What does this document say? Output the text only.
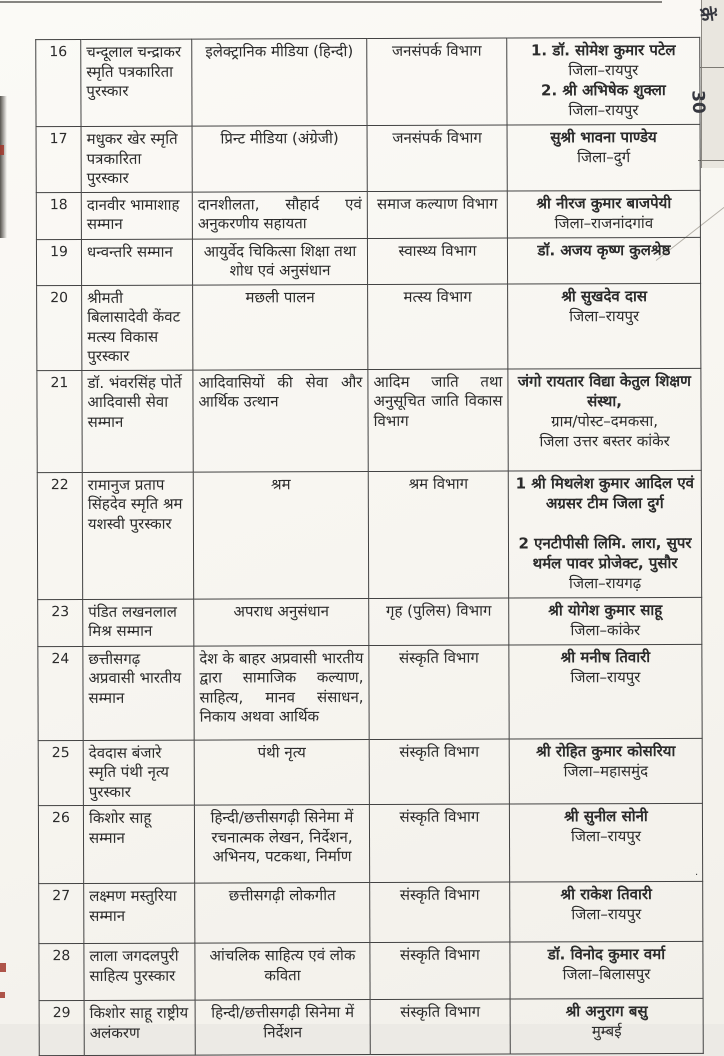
·
क्रें
30
16	चन्दूलाल चन्द्राकर स्मृति पत्रकारिता पुरस्कार	इलेक्ट्रानिक मीडिया (हिन्दी)	जनसंपर्क विभाग	1. डॉ. सोमेश कुमार पटेल
जिला–रायपुर
2. श्री अभिषेक शुक्ला
जिला–रायपुर

17	मधुकर खेर स्मृति पत्रकारिता पुरस्कार	प्रिन्ट मीडिया (अंग्रेजी)	जनसंपर्क विभाग	सुश्री भावना पाण्डेय
जिला–दुर्ग

18	दानवीर भामाशाह सम्मान	दानशीलता, सौहार्द एवं अनुकरणीय सहायता	समाज कल्याण विभाग	श्री नीरज कुमार बाजपेयी
जिला–राजनांदगांव

19	धन्वन्तरि सम्मान	आयुर्वेद चिकित्सा शिक्षा तथा शोध एवं अनुसंधान	स्वास्थ्य विभाग	डॉ. अजय कृष्ण कुलश्रेष्ठ

20	श्रीमती बिलासादेवी केंवट मत्स्य विकास पुरस्कार	मछली पालन	मत्स्य विभाग	श्री सुखदेव दास
जिला–रायपुर

21	डॉ. भंवरसिंह पोर्ते आदिवासी सेवा सम्मान	आदिवासियों की सेवा और आर्थिक उत्थान	आदिम जाति तथा अनुसूचित जाति विकास विभाग	जंगो रायतार विद्या केतुल शिक्षण
संस्था,
ग्राम/पोस्ट–दमकसा,
जिला उत्तर बस्तर कांकेर

22	रामानुज प्रताप सिंहदेव स्मृति श्रम यशस्वी पुरस्कार	श्रम	श्रम विभाग	1 श्री मिथलेश कुमार आदिल एवं
अग्रसर टीम जिला दुर्ग

2 एनटीपीसी लिमि. लारा, सुपर
थर्मल पावर प्रोजेक्ट, पुसौर
जिला–रायगढ़

23	पंडित लखनलाल मिश्र सम्मान	अपराध अनुसंधान	गृह (पुलिस) विभाग	श्री योगेश कुमार साहू
जिला–कांकेर

24	छत्तीसगढ़ अप्रवासी भारतीय सम्मान	देश के बाहर अप्रवासी भारतीय द्वारा सामाजिक कल्याण, साहित्य, मानव संसाधन, निकाय अथवा आर्थिक	संस्कृति विभाग	श्री मनीष तिवारी
जिला–रायपुर

25	देवदास बंजारे स्मृति पंथी नृत्य पुरस्कार	पंथी नृत्य	संस्कृति विभाग	श्री रोहित कुमार कोसरिया
जिला–महासमुंद

26	किशोर साहू सम्मान	हिन्दी/छत्तीसगढ़ी सिनेमा में रचनात्मक लेखन, निर्देशन, अभिनय, पटकथा, निर्माण	संस्कृति विभाग	श्री सुनील सोनी
जिला–रायपुर

27	लक्ष्मण मस्तुरिया सम्मान	छत्तीसगढ़ी लोकगीत	संस्कृति विभाग	श्री राकेश तिवारी
जिला–रायपुर

28	लाला जगदलपुरी साहित्य पुरस्कार	आंचलिक साहित्य एवं लोक कविता	संस्कृति विभाग	डॉ. विनोद कुमार वर्मा
जिला–बिलासपुर

29	किशोर साहू राष्ट्रीय अलंकरण	हिन्दी/छत्तीसगढ़ी सिनेमा में निर्देशन	संस्कृति विभाग	श्री अनुराग बसु
मुम्बई
